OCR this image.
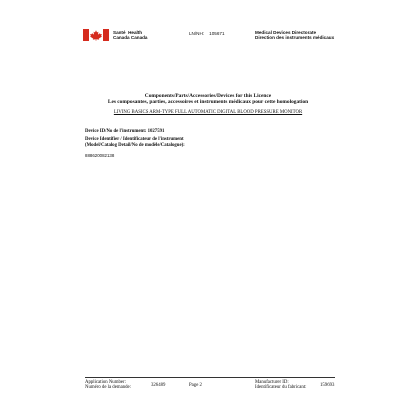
Santé Health
Canada Canada
LN/NH: 105671	Medical Devices Directorate
Direction des instruments médicaux
Components/Parts/Accessories/Devices for this Licence
Les composantes, parties, accessoires et instruments médicaux pour cette homologation
LIVING BASICS ARM-TYPE FULL AUTOMATIC DIGITAL BLOOD PRESSURE MONITOR
Device ID/No de l'instrument: 1027591
Device Identifier / Identificateur de l'instrument
(Model/Catalog Detail/No de modèle/Catalogue):
888620082138
Application Number:
Numéro de la demande:	326489	Page 2
Manufacturer ID:
Identificateur du fabricant:	159693
